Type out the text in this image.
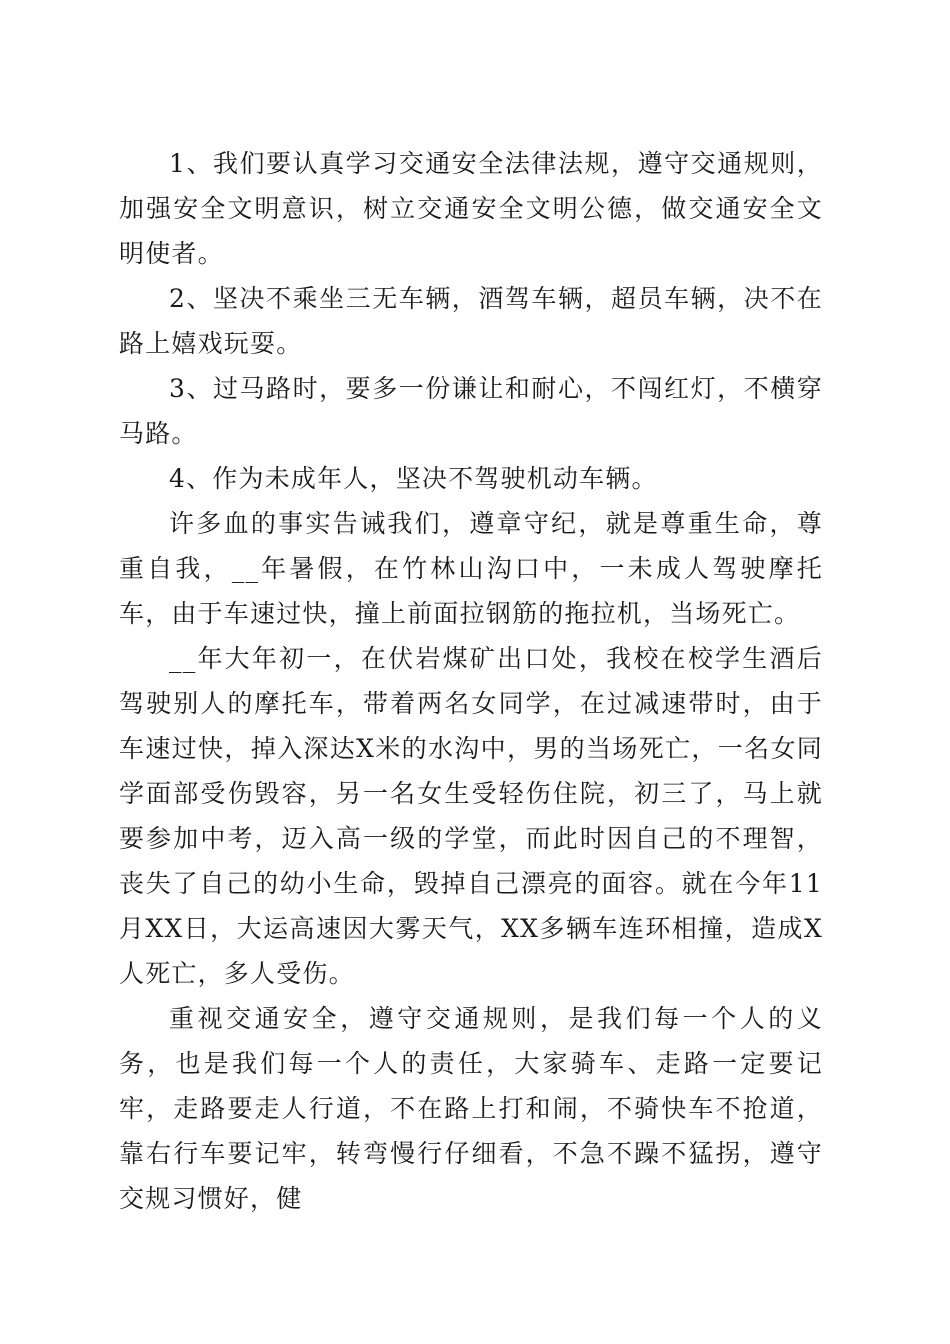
1、我们要认真学习交通安全法律法规，遵守交通规则，加强安全文明意识，树立交通安全文明公德，做交通安全文明使者。

2、坚决不乘坐三无车辆，酒驾车辆，超员车辆，决不在路上嬉戏玩耍。

3、过马路时，要多一份谦让和耐心，不闯红灯，不横穿马路。

4、作为未成年人，坚决不驾驶机动车辆。

许多血的事实告诫我们，遵章守纪，就是尊重生命，尊重自我，__年暑假，在竹林山沟口中，一未成人驾驶摩托车，由于车速过快，撞上前面拉钢筋的拖拉机，当场死亡。

__年大年初一，在伏岩煤矿出口处，我校在校学生酒后驾驶别人的摩托车，带着两名女同学，在过减速带时，由于车速过快，掉入深达X米的水沟中，男的当场死亡，一名女同学面部受伤毁容，另一名女生受轻伤住院，初三了，马上就要参加中考，迈入高一级的学堂，而此时因自己的不理智，丧失了自己的幼小生命，毁掉自己漂亮的面容。就在今年11月XX日，大运高速因大雾天气，XX多辆车连环相撞，造成X人死亡，多人受伤。

重视交通安全，遵守交通规则，是我们每一个人的义务，也是我们每一个人的责任，大家骑车、走路一定要记牢，走路要走人行道，不在路上打和闹，不骑快车不抢道，靠右行车要记牢，转弯慢行仔细看，不急不躁不猛拐，遵守交规习惯好，健
